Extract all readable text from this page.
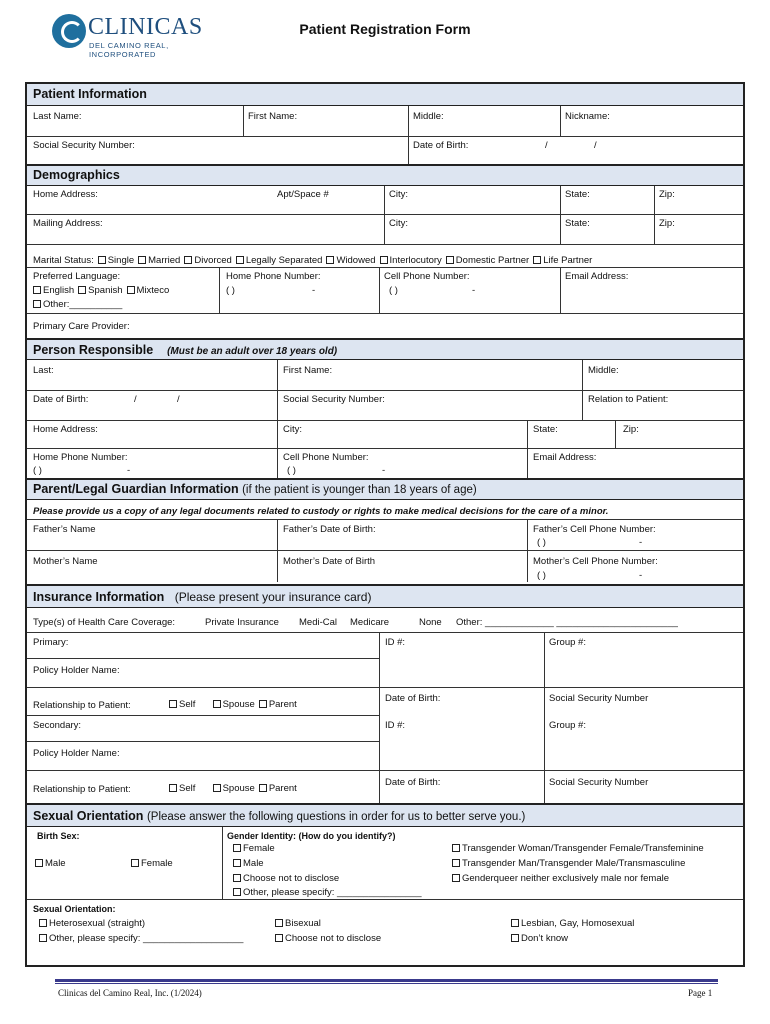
CLINICAS
DEL CAMINO REAL, INCORPORATED
Patient Registration Form
Patient Information
Last Name:	First Name:	Middle:	Nickname:
Social Security Number:	Date of Birth:	/	/
Demographics
Home Address:	Apt/Space #	City:	State:	Zip:
Mailing Address:	City:	State:	Zip:
Marital Status: Single Married Divorced Legally Separated Widowed Interlocutory Domestic Partner Life Partner
Preferred Language:
English Spanish Mixteco
Other:__________
Home Phone Number:
( )	-
Cell Phone Number:
( )	-
Email Address:
Primary Care Provider:
Person Responsible (Must be an adult over 18 years old)
Last:	First Name:	Middle:
Date of Birth:	/	/	Social Security Number:	Relation to Patient:
Home Address:	City:	State:	Zip:
Home Phone Number:
( )	-
Cell Phone Number:
( )	-
Email Address:
Parent/Legal Guardian Information (if the patient is younger than 18 years of age)
Please provide us a copy of any legal documents related to custody or rights to make medical decisions for the care of a minor.
Father’s Name	Father’s Date of Birth:	Father’s Cell Phone Number:
( )	-
Mother’s Name	Mother’s Date of Birth	Mother’s Cell Phone Number:
( )	-
Insurance Information (Please present your insurance card)
Type(s) of Health Care Coverage:	Private Insurance Medi-Cal Medicare	None Other: _____________ _______________________
Primary:	ID #:	Group #:
Policy Holder Name:
Relationship to Patient:	Self	Spouse Parent
Date of Birth:	Social Security Number
Secondary:	ID #:	Group #:
Policy Holder Name:
Relationship to Patient:	Self	Spouse Parent
Date of Birth:	Social Security Number
Sexual Orientation (Please answer the following questions in order for us to better serve you.)
Birth Sex:
Male	Female
Gender Identity: (How do you identify?)
Female
Male
Choose not to disclose
Other, please specify: ________________
Transgender Woman/Transgender Female/Transfeminine
Transgender Man/Transgender Male/Transmasculine
Genderqueer neither exclusively male nor female
Sexual Orientation:
Heterosexual (straight)
Other, please specify: ___________________
Bisexual
Choose not to disclose
Lesbian, Gay, Homosexual
Don’t know
Clinicas del Camino Real, Inc. (1/2024)	Page 1
